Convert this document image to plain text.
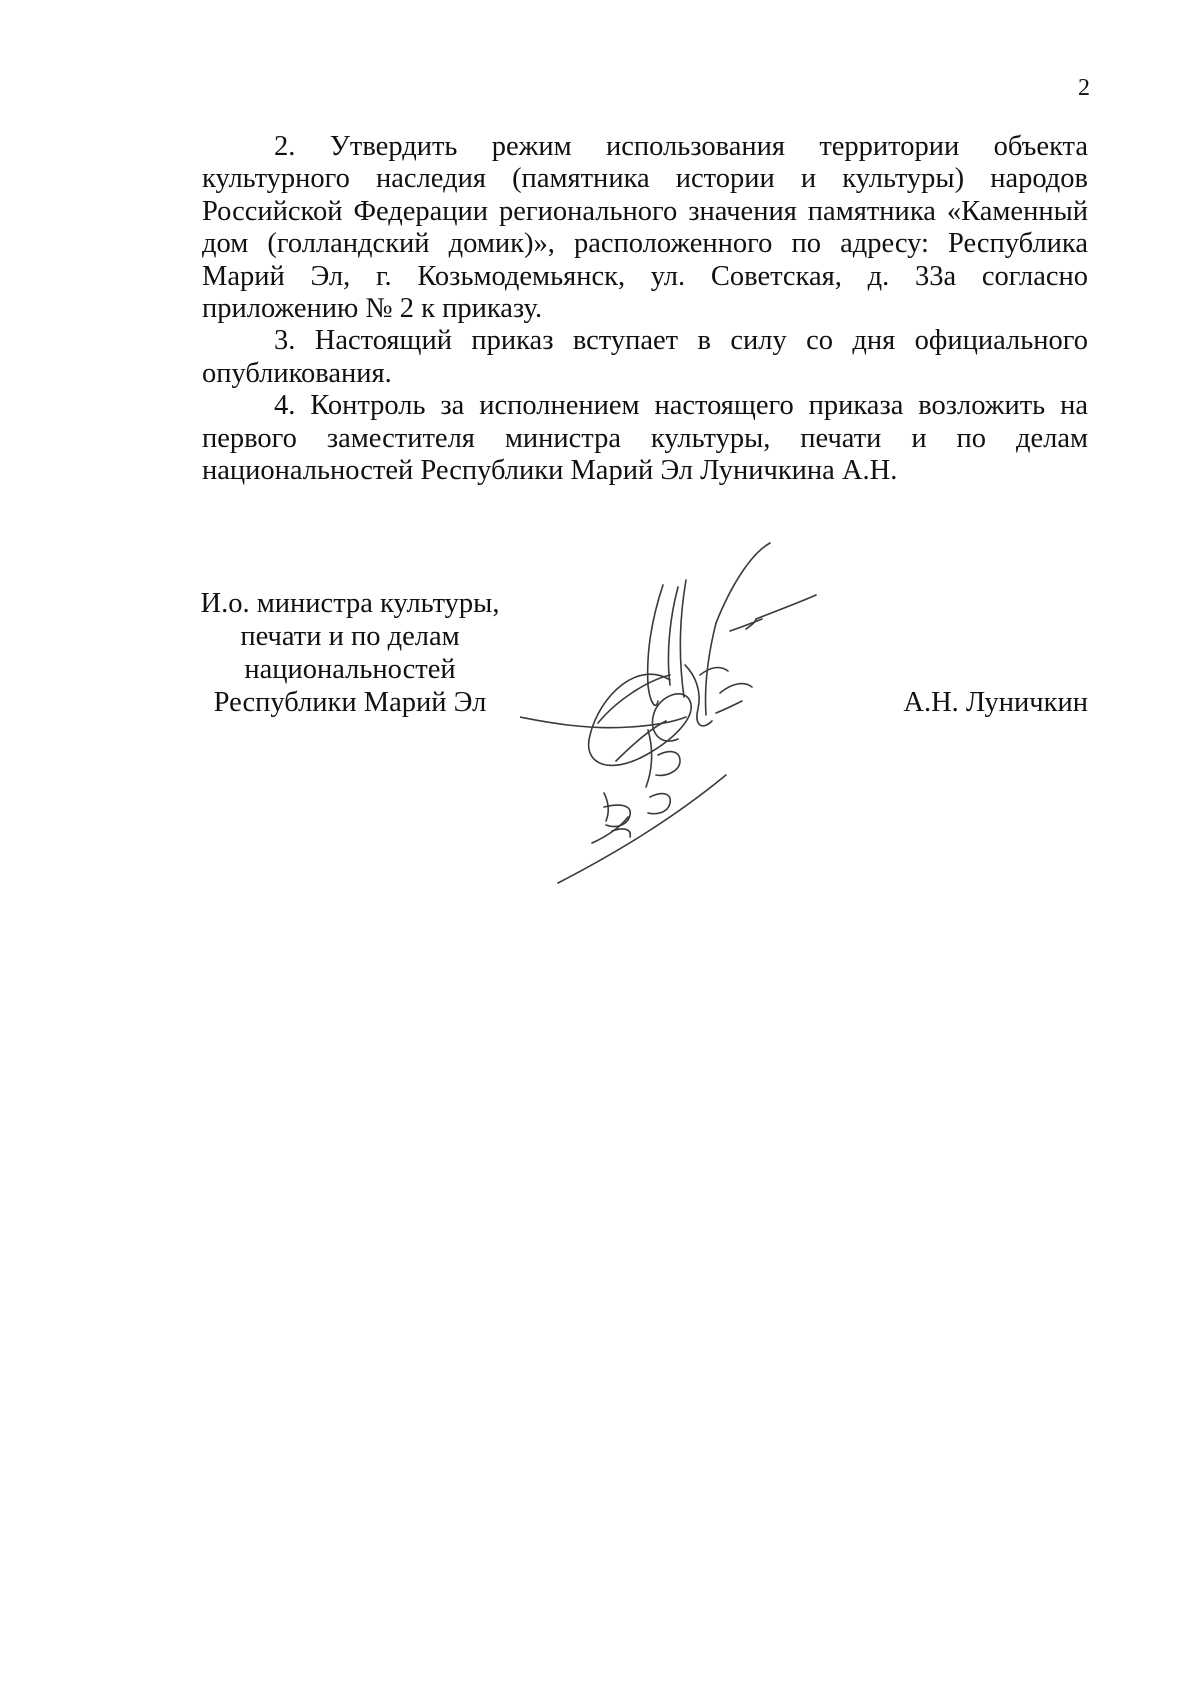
2

2. Утвердить режим использования территории объекта культурного наследия (памятника истории и культуры) народов Российской Федерации регионального значения памятника «Каменный дом (голландский домик)», расположенного по адресу: Республика Марий Эл, г. Козьмодемьянск, ул. Советская, д. 33а согласно приложению № 2 к приказу.

3. Настоящий приказ вступает в силу со дня официального опубликования.

4. Контроль за исполнением настоящего приказа возложить на первого заместителя министра культуры, печати и по делам национальностей Республики Марий Эл Луничкина А.Н.

И.о. министра культуры,
печати и по делам
национальностей
Республики Марий Эл	А.Н. Луничкин
